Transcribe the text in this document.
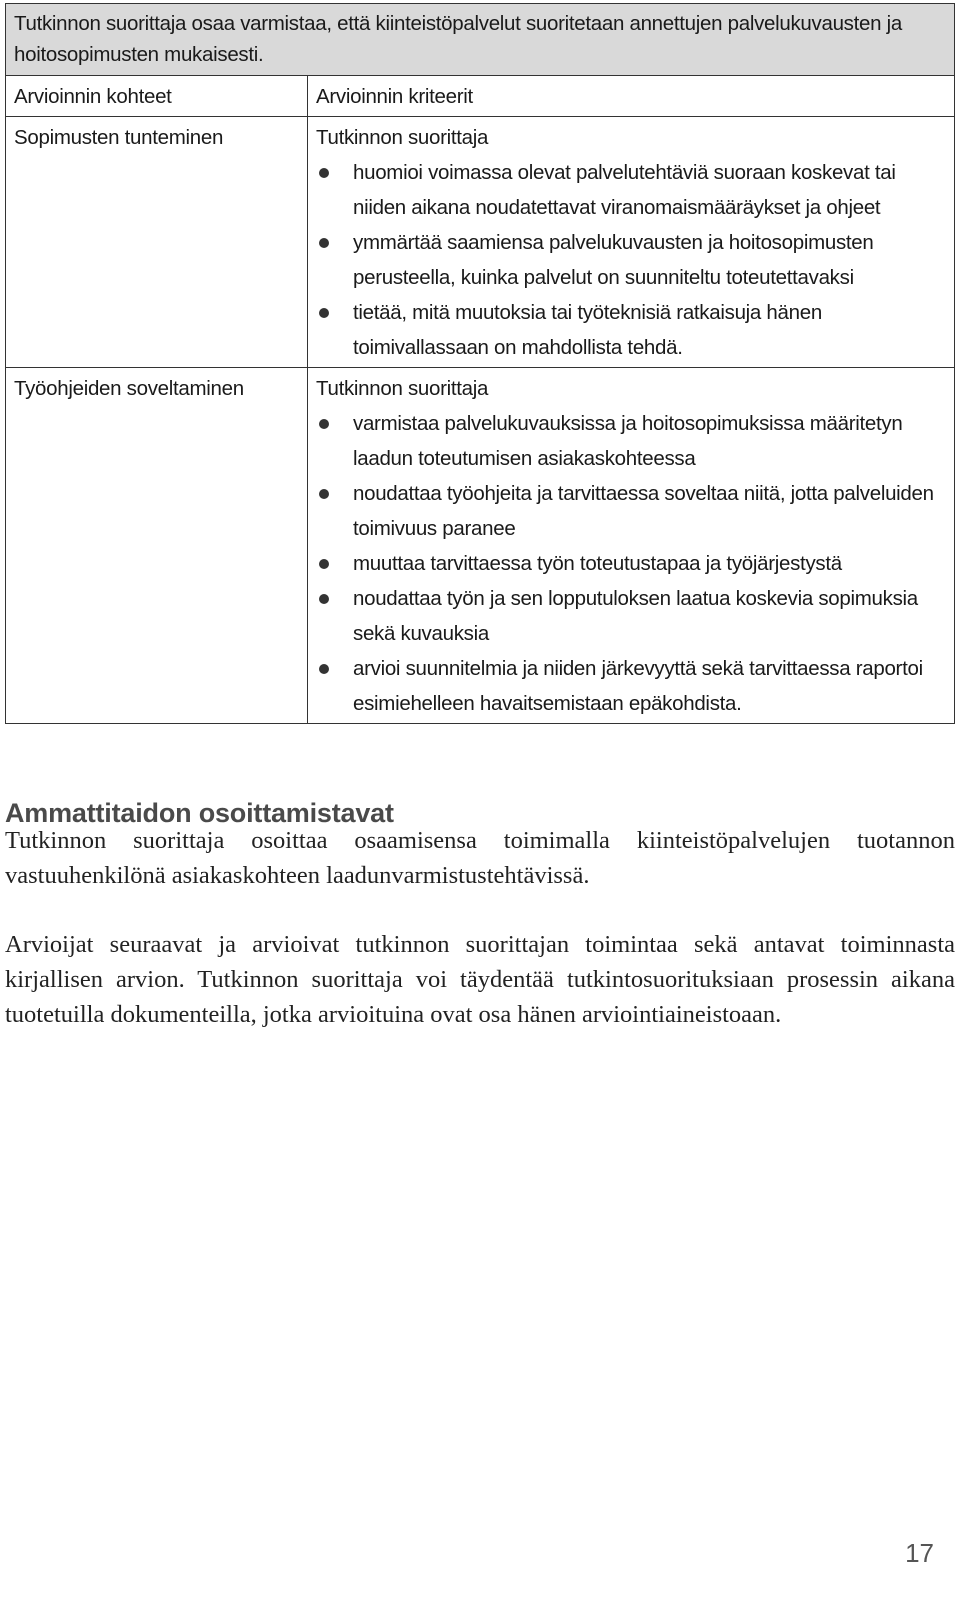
Tutkinnon suorittaja osaa varmistaa, että kiinteistöpalvelut suoritetaan annettujen palvelukuvausten ja hoitosopimusten mukaisesti.
Arvioinnin kohteet	Arvioinnin kriteerit
Sopimusten tunteminen	Tutkinnon suorittaja
huomioi voimassa olevat palvelutehtäviä suoraan koskevat tai niiden aikana noudatettavat viranomaismääräykset ja ohjeet
ymmärtää saamiensa palvelukuvausten ja hoitosopimusten perusteella, kuinka palvelut on suunniteltu toteutettavaksi
tietää, mitä muutoksia tai työteknisiä ratkaisuja hänen toimivallassaan on mahdollista tehdä.
Työohjeiden soveltaminen	Tutkinnon suorittaja
varmistaa palvelukuvauksissa ja hoitosopimuksissa määritetyn laadun toteutumisen asiakaskohteessa
noudattaa työohjeita ja tarvittaessa soveltaa niitä, jotta palveluiden toimivuus paranee
muuttaa tarvittaessa työn toteutustapaa ja työjärjestystä
noudattaa työn ja sen lopputuloksen laatua koskevia sopimuksia sekä kuvauksia
arvioi suunnitelmia ja niiden järkevyyttä sekä tarvittaessa raportoi esimiehelleen havaitsemistaan epäkohdista.
Ammattitaidon osoittamistavat

Tutkinnon suorittaja osoittaa osaamisensa toimimalla kiinteistöpalvelujen tuotannon vastuuhenkilönä asiakaskohteen laadunvarmistustehtävissä.

Arvioijat seuraavat ja arvioivat tutkinnon suorittajan toimintaa sekä antavat toiminnasta kirjallisen arvion. Tutkinnon suorittaja voi täydentää tutkintosuorituksiaan prosessin aikana tuotetuilla dokumenteilla, jotka arvioituina ovat osa hänen arviointiaineistoaan.

17
